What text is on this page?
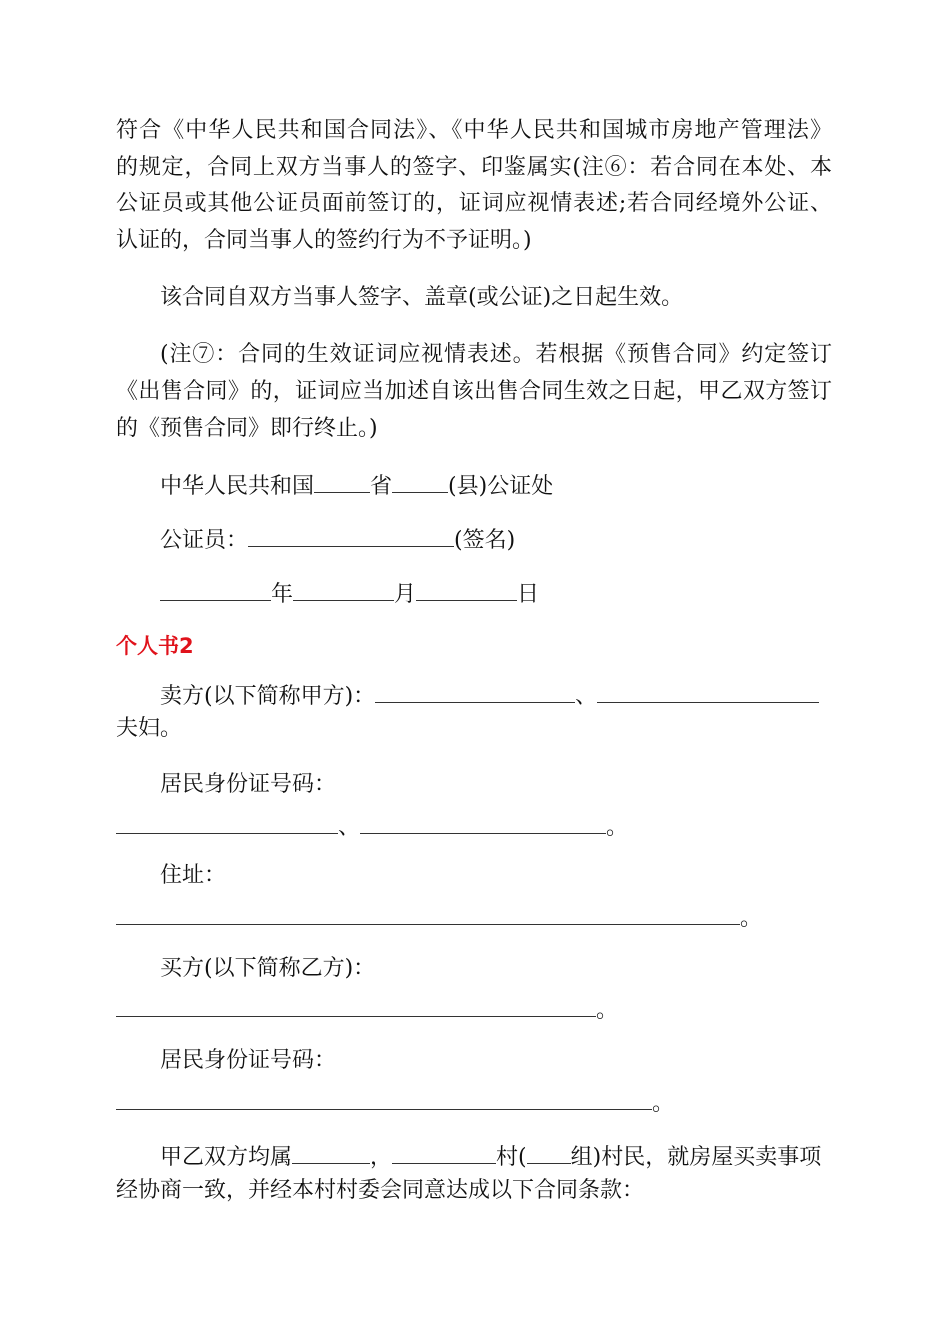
符合《中华人民共和国合同法》、《中华人民共和国城市房地产管理法》
的规定，合同上双方当事人的签字、印鉴属实(注⑥：若合同在本处、本
公证员或其他公证员面前签订的，证词应视情表述;若合同经境外公证、
认证的，合同当事人的签约行为不予证明。)
该合同自双方当事人签字、盖章(或公证)之日起生效。
(注⑦：合同的生效证词应视情表述。若根据《预售合同》约定签订
《出售合同》的，证词应当加述自该出售合同生效之日起，甲乙双方签订
的《预售合同》即行终止。)
中华人民共和国	省	(县)公证处
公证员：	(签名)
年	月	日
个人书2
卖方(以下简称甲方)：	、
夫妇。
居民身份证号码：
、	。
住址：
。
买方(以下简称乙方)：
。
居民身份证号码：
。
甲乙双方均属	，	村( 组)村民，就房屋买卖事项
经协商一致，并经本村村委会同意达成以下合同条款：
